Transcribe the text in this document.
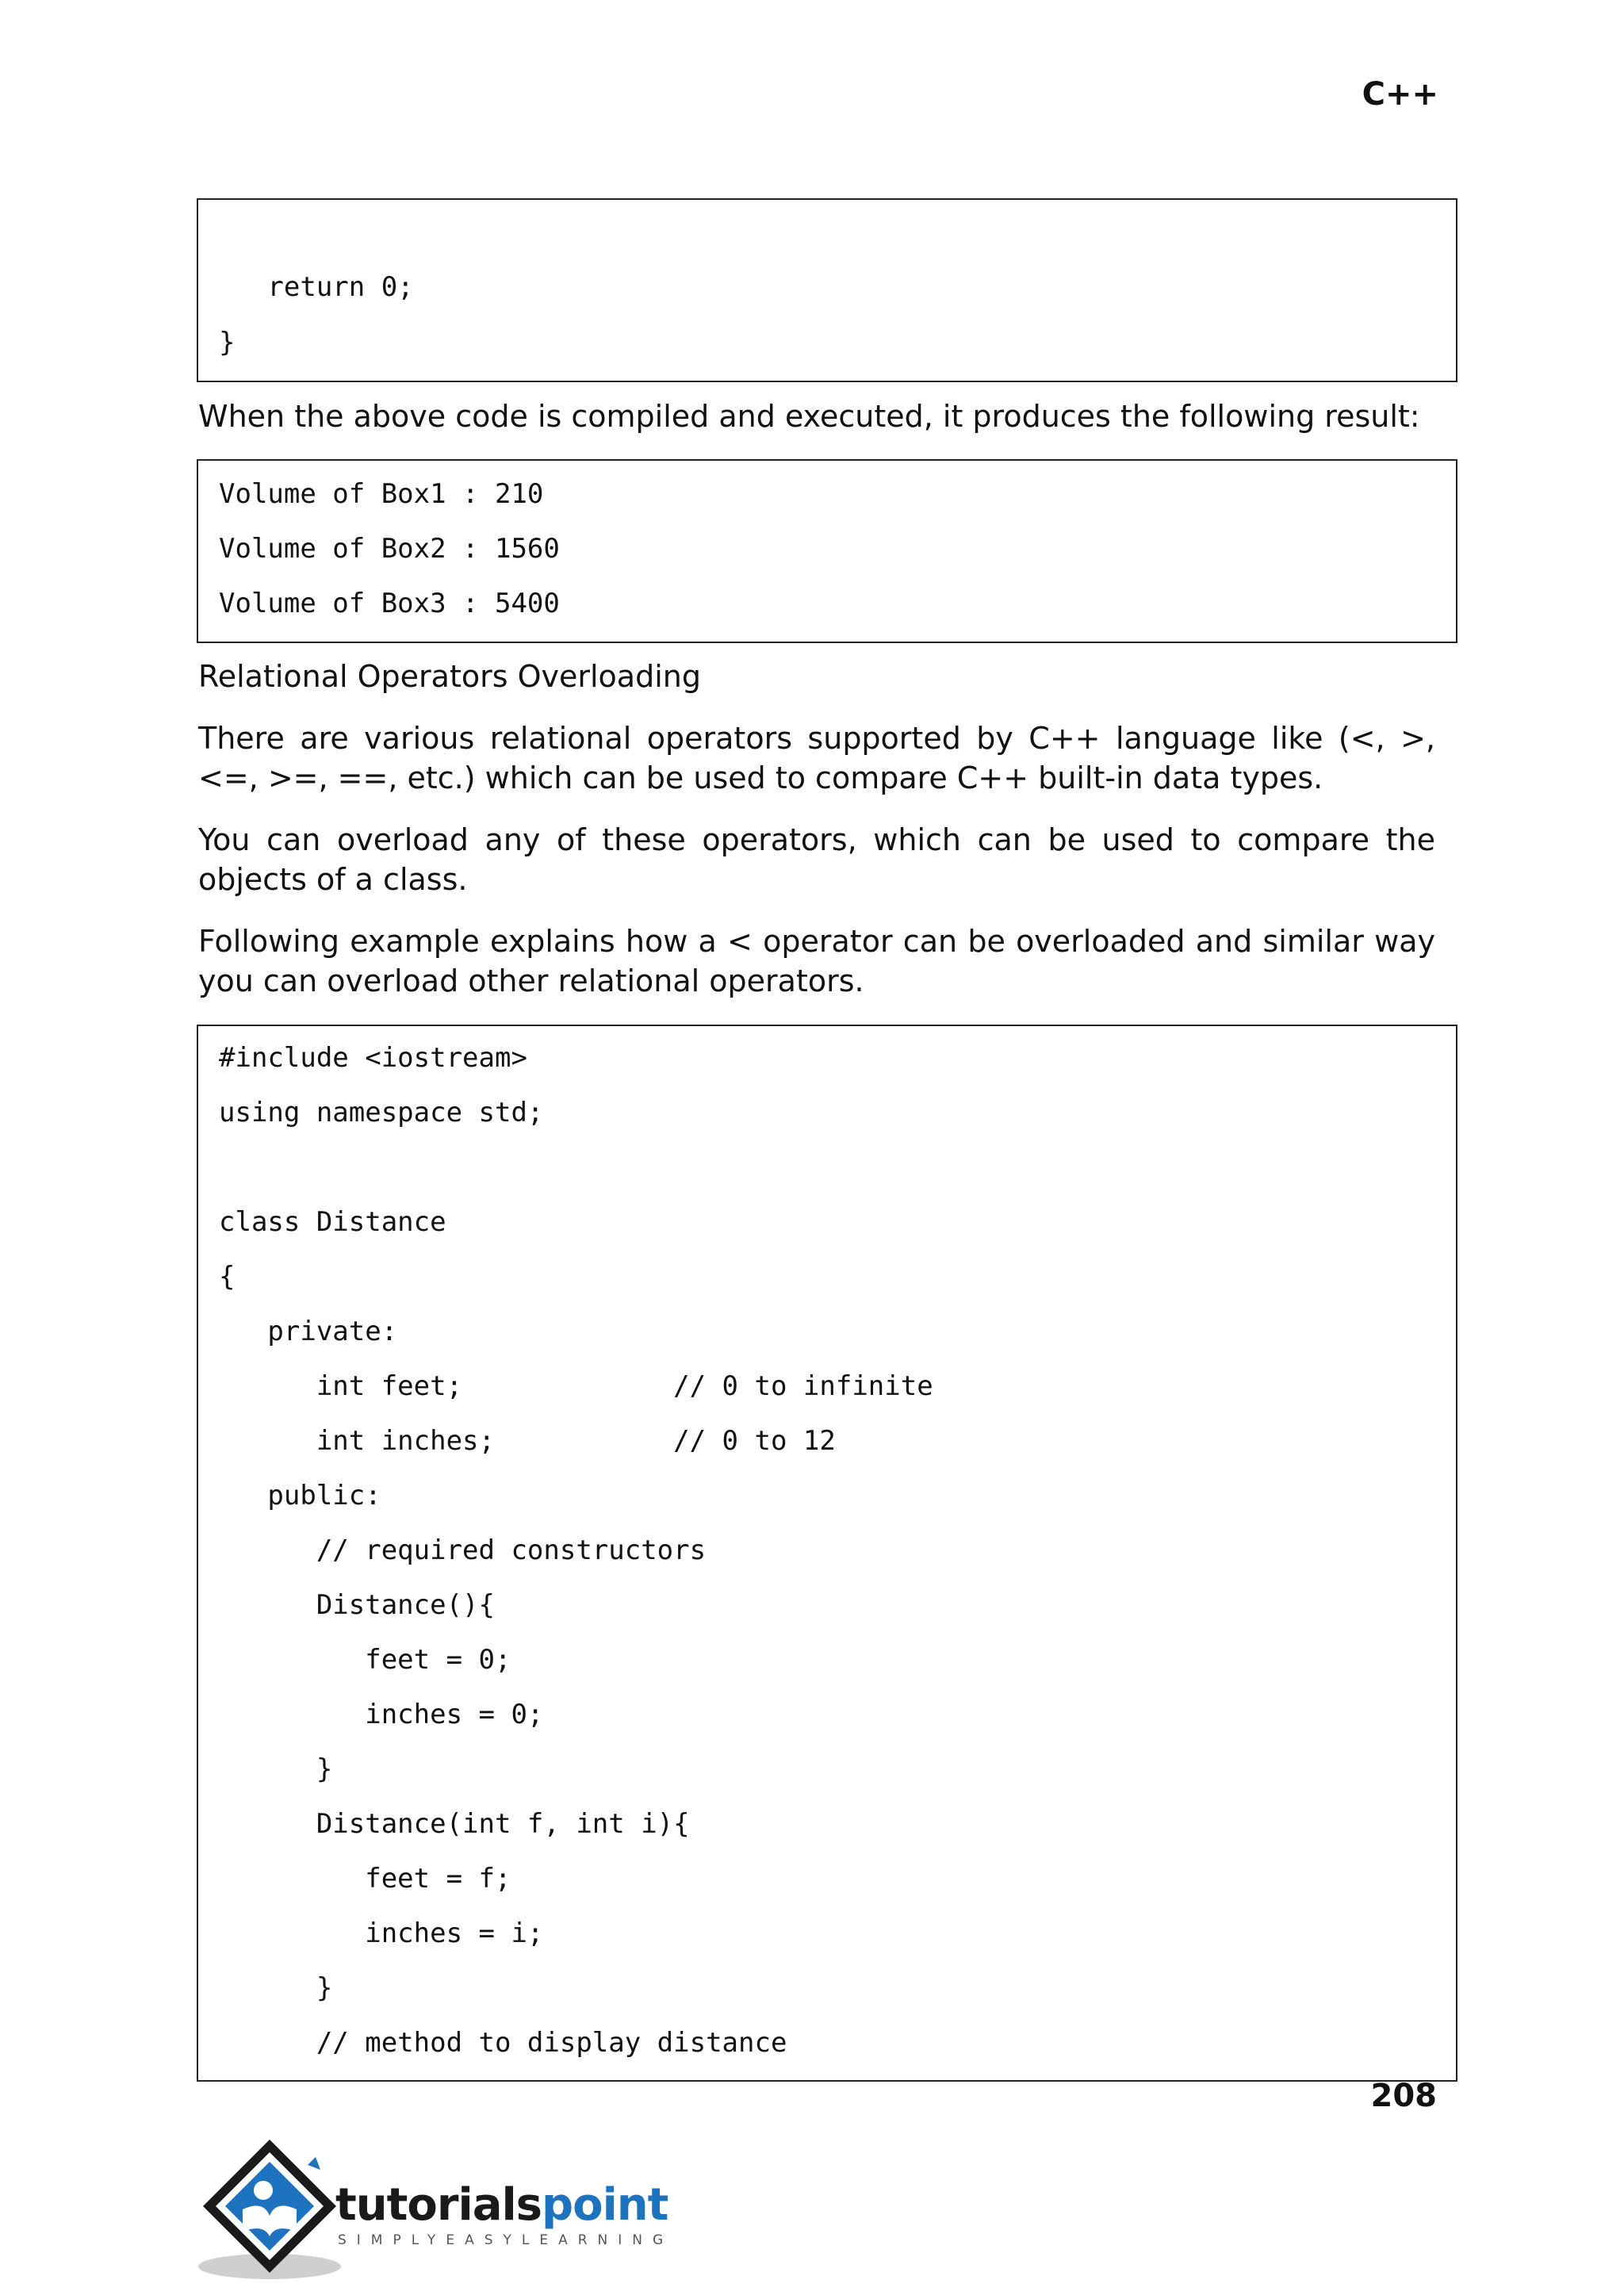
C++
return 0;
}
When the above code is compiled and executed, it produces the following result:
Volume of Box1 : 210
Volume of Box2 : 1560
Volume of Box3 : 5400
Relational Operators Overloading
There are various relational operators supported by C++ language like (<, >, <=, >=, ==, etc.) which can be used to compare C++ built-in data types.
You can overload any of these operators, which can be used to compare the objects of a class.
Following example explains how a < operator can be overloaded and similar way you can overload other relational operators.
#include <iostream>
using namespace std;
class Distance
{
private:
int feet;             // 0 to infinite
int inches;           // 0 to 12
public:
// required constructors
Distance(){
feet = 0;
inches = 0;
}
Distance(int f, int i){
feet = f;
inches = i;
}
// method to display distance
208
tutorialspoint
SIMPLYEASYLEARNING
